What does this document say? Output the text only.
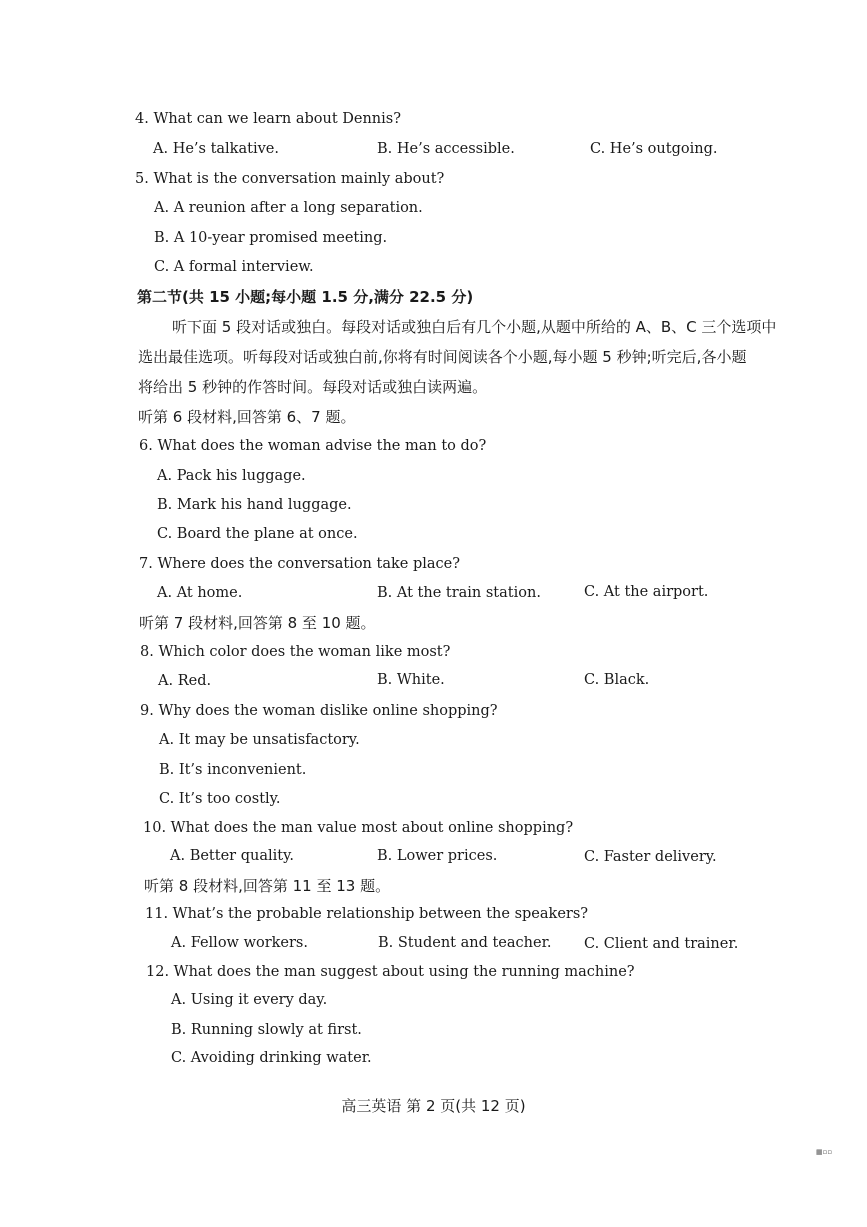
4. What can we learn about Dennis?
A. He’s talkative.	B. He’s accessible.	C. He’s outgoing.
5. What is the conversation mainly about?
A. A reunion after a long separation.
B. A 10-year promised meeting.
C. A formal interview.
第二节(共 15 小题;每小题 1.5 分,满分 22.5 分)
听下面 5 段对话或独白。每段对话或独白后有几个小题,从题中所给的 A、B、C 三个选项中
选出最佳选项。听每段对话或独白前,你将有时间阅读各个小题,每小题 5 秒钟;听完后,各小题
将给出 5 秒钟的作答时间。每段对话或独白读两遍。
听第 6 段材料,回答第 6、7 题。
6. What does the woman advise the man to do?
A. Pack his luggage.
B. Mark his hand luggage.
C. Board the plane at once.
7. Where does the conversation take place?
A. At home.	B. At the train station.	C. At the airport.
听第 7 段材料,回答第 8 至 10 题。
8. Which color does the woman like most?
A. Red.	B. White.	C. Black.
9. Why does the woman dislike online shopping?
A. It may be unsatisfactory.
B. It’s inconvenient.
C. It’s too costly.
10. What does the man value most about online shopping?
A. Better quality.	B. Lower prices.	C. Faster delivery.
听第 8 段材料,回答第 11 至 13 题。
11. What’s the probable relationship between the speakers?
A. Fellow workers.	B. Student and teacher. C. Client and trainer.
12. What does the man suggest about using the running machine?
A. Using it every day.
B. Running slowly at first.
C. Avoiding drinking water.
高三英语 第 2 页(共 12 页)
▦▫▫
